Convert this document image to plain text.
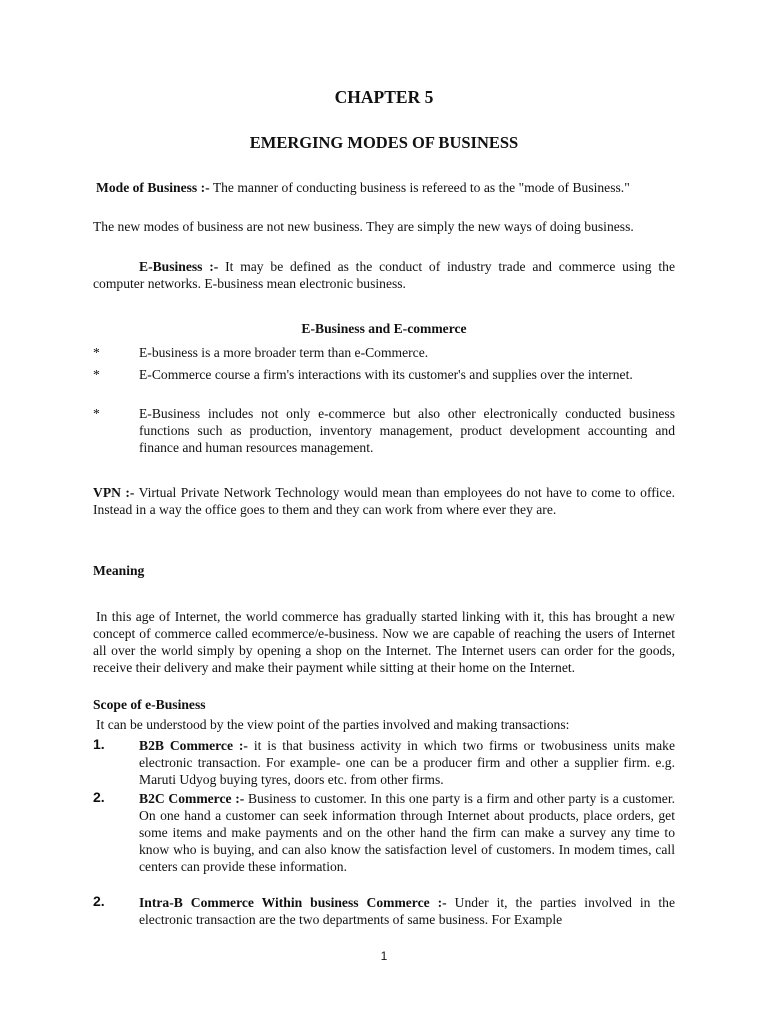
CHAPTER 5
EMERGING MODES OF BUSINESS

Mode of Business :- The manner of conducting business is refereed to as the "mode of Business."

The new modes of business are not new business. They are simply the new ways of doing business.

E-Business :- It may be defined as the conduct of industry trade and commerce using the computer networks. E-business mean electronic business.

E-Business and E-commerce
*	E-business is a more broader term than e-Commerce.
*	E-Commerce course a firm's interactions with its customer's and supplies over the internet.
*	E-Business includes not only e-commerce but also other electronically conducted business functions such as production, inventory management, product development accounting and finance and human resources management.

VPN :- Virtual Private Network Technology would mean than employees do not have to come to office. Instead in a way the office goes to them and they can work from where ever they are.

Meaning

In this age of Internet, the world commerce has gradually started linking with it, this has brought a new concept of commerce called ecommerce/e-business. Now we are capable of reaching the users of Internet all over the world simply by opening a shop on the Internet. The Internet users can order for the goods, receive their delivery and make their payment while sitting at their home on the Internet.

Scope of e-Business

It can be understood by the view point of the parties involved and making transactions:

1.	B2B Commerce :- it is that business activity in which two firms or twobusiness units make electronic transaction. For example- one can be a producer firm and other a supplier firm. e.g. Maruti Udyog buying tyres, doors etc. from other firms.
2.	B2C Commerce :- Business to customer. In this one party is a firm and other party is a customer. On one hand a customer can seek information through Internet about products, place orders, get some items and make payments and on the other hand the firm can make a survey any time to know who is buying, and can also know the satisfaction level of customers. In modem times, call centers can provide these information.
2.	Intra-B Commerce Within business Commerce :- Under it, the parties involved in the electronic transaction are the two departments of same business. For Example
1
